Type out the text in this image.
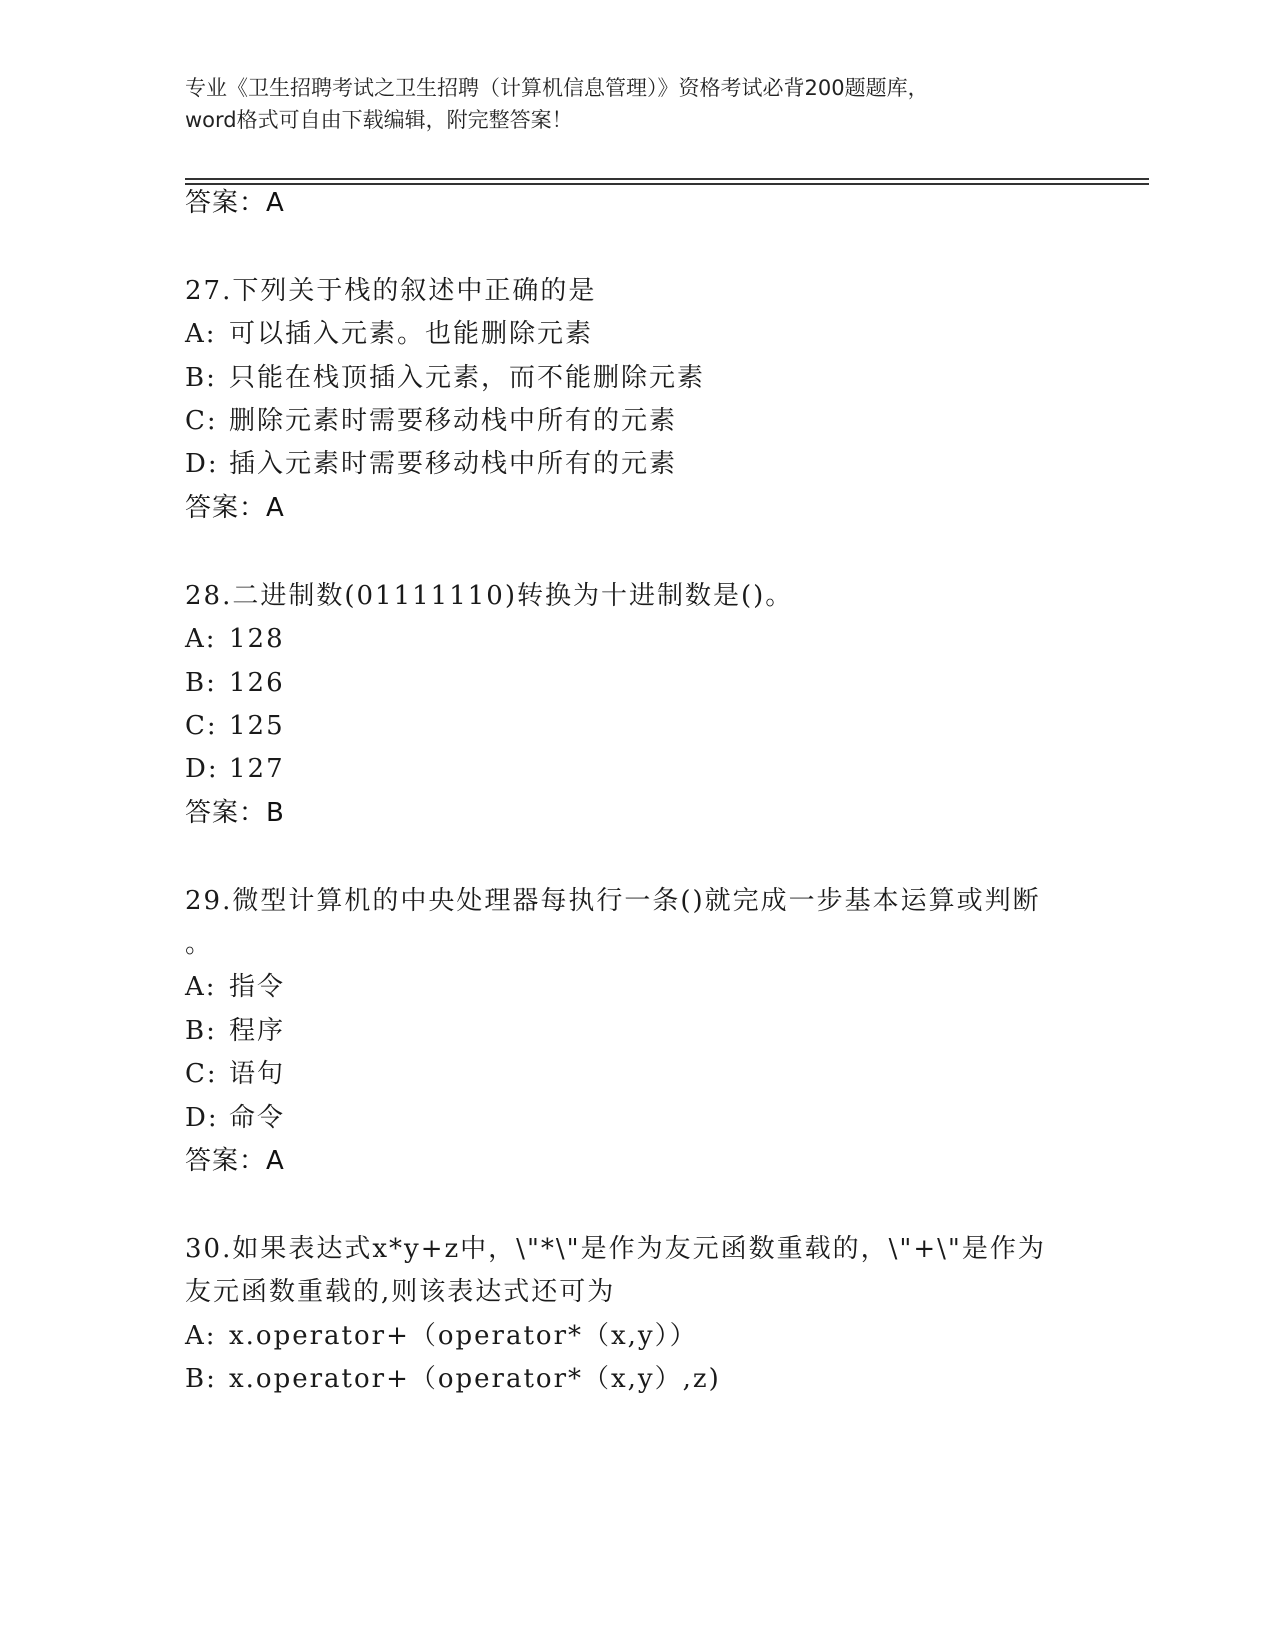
专业《卫生招聘考试之卫生招聘（计算机信息管理）》资格考试必背200题题库，
word格式可自由下载编辑，附完整答案！
答案：A
27.下列关于栈的叙述中正确的是
A: 可以插入元素。也能删除元素
B: 只能在栈顶插入元素，而不能删除元素
C: 删除元素时需要移动栈中所有的元素
D: 插入元素时需要移动栈中所有的元素
答案：A
28.二进制数(01111110)转换为十进制数是()。
A: 128
B: 126
C: 125
D: 127
答案：B
29.微型计算机的中央处理器每执行一条()就完成一步基本运算或判断
。
A: 指令
B: 程序
C: 语句
D: 命令
答案：A
30.如果表达式x*y+z中，\"*\"是作为友元函数重载的，\"+\"是作为
友元函数重载的,则该表达式还可为
A: x.operator+（operator*（x,y））
B: x.operator+（operator*（x,y）,z)
